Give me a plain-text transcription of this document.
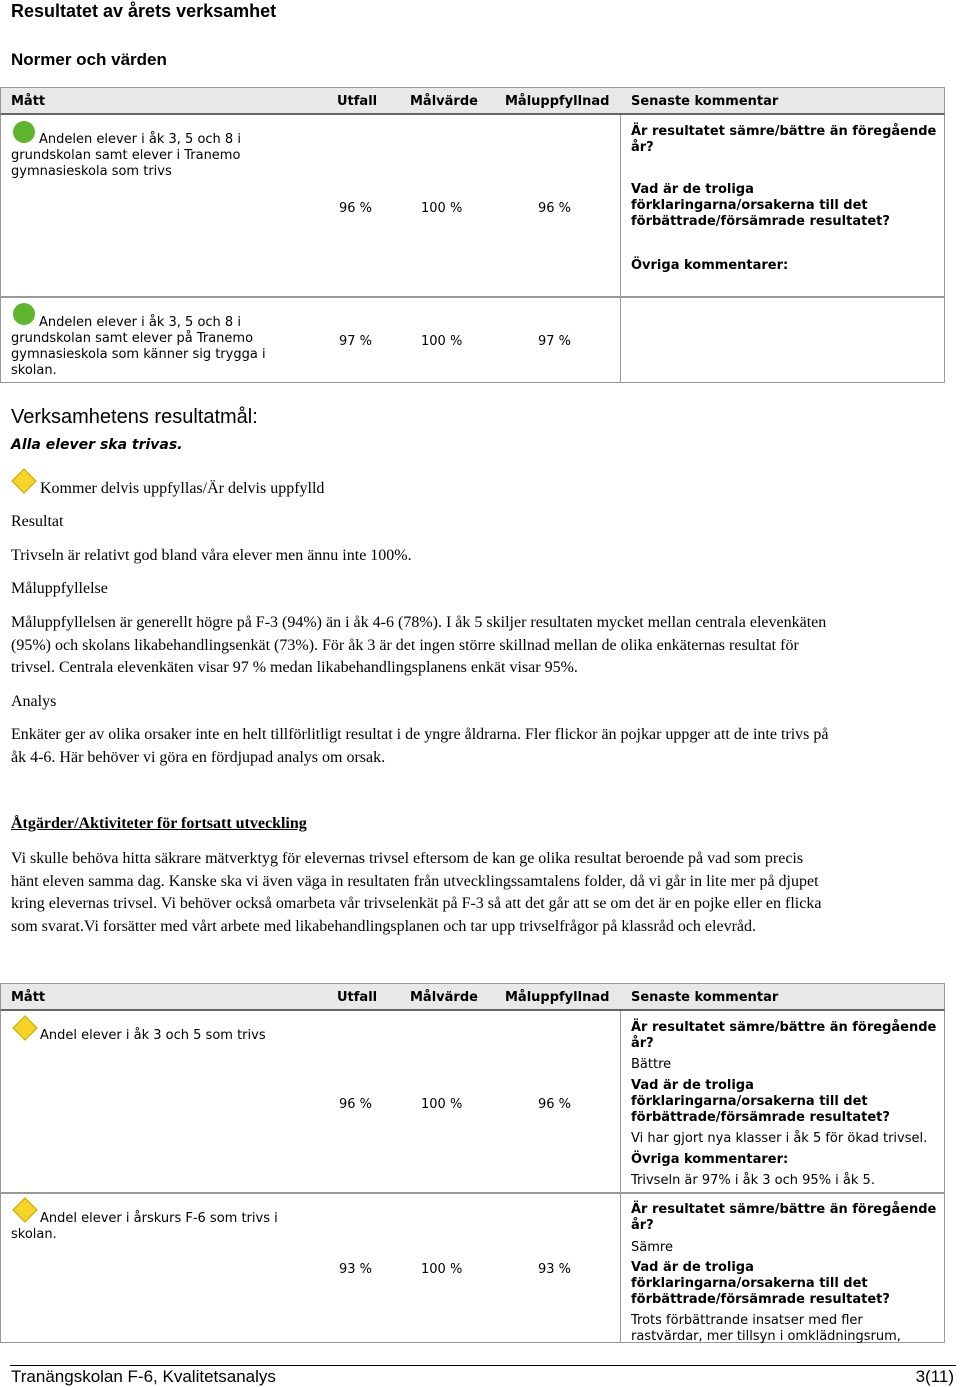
Resultatet av årets verksamhet
Normer och värden
Mått	Utfall	Målvärde Måluppfyllnad Senaste kommentar
Andelen elever i åk 3, 5 och 8 i grundskolan samt elever i Tranemo gymnasieskola som trivs
96 %	100 %	96 %
Är resultatet sämre/bättre än föregående år?
Vad är de troliga förklaringarna/orsakerna till det förbättrade/försämrade resultatet?
Övriga kommentarer:
Andelen elever i åk 3, 5 och 8 i grundskolan samt elever på Tranemo gymnasieskola som känner sig trygga i skolan.
97 %	100 %	97 %
Verksamhetens resultatmål:
Alla elever ska trivas.
Kommer delvis uppfyllas/Är delvis uppfylld
Resultat
Trivseln är relativt god bland våra elever men ännu inte 100%.
Måluppfyllelse
Måluppfyllelsen är generellt högre på F-3 (94%) än i åk 4-6 (78%). I åk 5 skiljer resultaten mycket mellan centrala elevenkäten
(95%) och skolans likabehandlingsenkät (73%). För åk 3 är det ingen större skillnad mellan de olika enkäternas resultat för
trivsel. Centrala elevenkäten visar 97 % medan likabehandlingsplanens enkät visar 95%.
Analys
Enkäter ger av olika orsaker inte en helt tillförlitligt resultat i de yngre åldrarna. Fler flickor än pojkar uppger att de inte trivs på
åk 4-6. Här behöver vi göra en fördjupad analys om orsak.
Åtgärder/Aktiviteter för fortsatt utveckling
Vi skulle behöva hitta säkrare mätverktyg för elevernas trivsel eftersom de kan ge olika resultat beroende på vad som precis
hänt eleven samma dag. Kanske ska vi även väga in resultaten från utvecklingssamtalens folder, då vi går in lite mer på djupet
kring elevernas trivsel. Vi behöver också omarbeta vår trivselenkät på F-3 så att det går att se om det är en pojke eller en flicka
som svarat.Vi forsätter med vårt arbete med likabehandlingsplanen och tar upp trivselfrågor på klassråd och elevråd.
Mått	Utfall	Målvärde Måluppfyllnad Senaste kommentar
Andel elever i åk 3 och 5 som trivs
96 %	100 %	96 %
Är resultatet sämre/bättre än föregående år?
Bättre
Vad är de troliga förklaringarna/orsakerna till det förbättrade/försämrade resultatet?
Vi har gjort nya klasser i åk 5 för ökad trivsel.
Övriga kommentarer:
Trivseln är 97% i åk 3 och 95% i åk 5.
Andel elever i årskurs F-6 som trivs i
skolan.
93 %	100 %	93 %
Är resultatet sämre/bättre än föregående år?
Sämre
Vad är de troliga förklaringarna/orsakerna till det förbättrade/försämrade resultatet?
Trots förbättrande insatser med fler
rastvärdar, mer tillsyn i omklädningsrum,
Tranängskolan F-6, Kvalitetsanalys	3(11)
